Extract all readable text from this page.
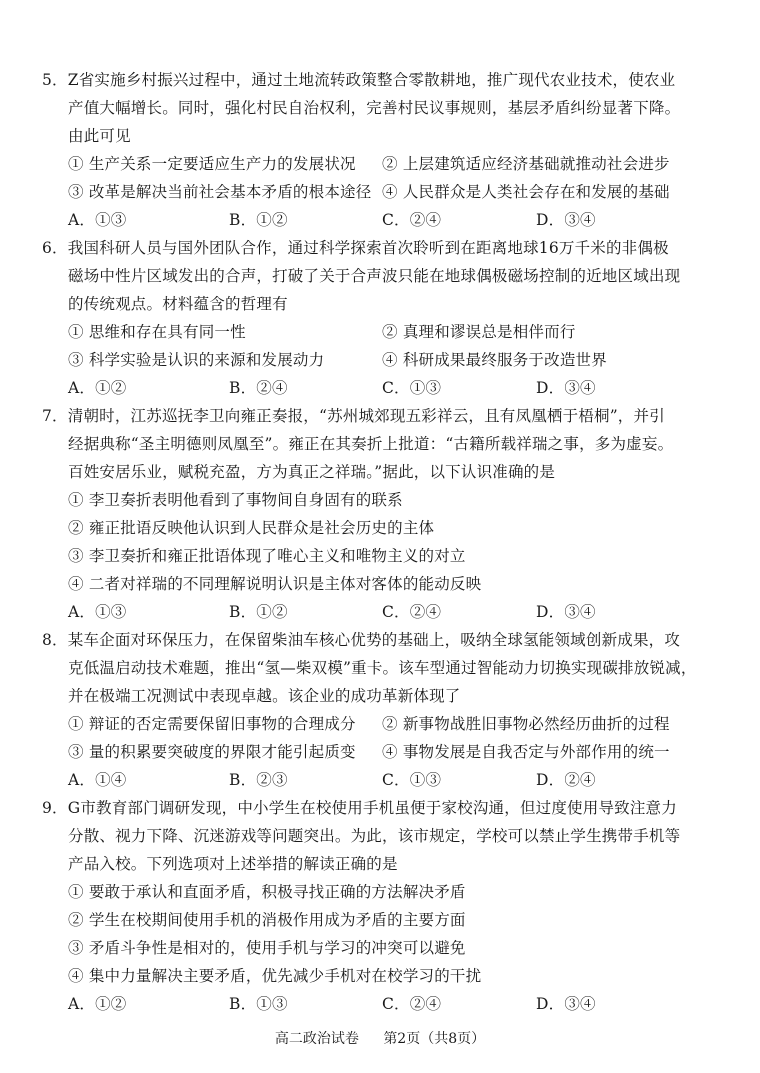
5．Z省实施乡村振兴过程中，通过土地流转政策整合零散耕地，推广现代农业技术，使农业
产值大幅增长。同时，强化村民自治权利，完善村民议事规则，基层矛盾纠纷显著下降。
由此可见
① 生产关系一定要适应生产力的发展状况 ② 上层建筑适应经济基础就推动社会进步
③ 改革是解决当前社会基本矛盾的根本途径 ④ 人民群众是人类社会存在和发展的基础
A．①③	B．①②	C．②④	D．③④
6．我国科研人员与国外团队合作，通过科学探索首次聆听到在距离地球16万千米的非偶极
磁场中性片区域发出的合声，打破了关于合声波只能在地球偶极磁场控制的近地区域出现
的传统观点。材料蕴含的哲理有
① 思维和存在具有同一性	② 真理和谬误总是相伴而行
③ 科学实验是认识的来源和发展动力	④ 科研成果最终服务于改造世界
A．①②	B．②④	C．①③	D．③④
7．清朝时，江苏巡抚李卫向雍正奏报，“苏州城郊现五彩祥云，且有凤凰栖于梧桐”，并引
经据典称“圣主明德则凤凰至”。雍正在其奏折上批道：“古籍所载祥瑞之事，多为虚妄。
百姓安居乐业，赋税充盈，方为真正之祥瑞。”据此，以下认识准确的是
① 李卫奏折表明他看到了事物间自身固有的联系
② 雍正批语反映他认识到人民群众是社会历史的主体
③ 李卫奏折和雍正批语体现了唯心主义和唯物主义的对立
④ 二者对祥瑞的不同理解说明认识是主体对客体的能动反映
A．①③	B．①②	C．②④	D．③④
8．某车企面对环保压力，在保留柴油车核心优势的基础上，吸纳全球氢能领域创新成果，攻
克低温启动技术难题，推出“氢—柴双模”重卡。该车型通过智能动力切换实现碳排放锐减，
并在极端工况测试中表现卓越。该企业的成功革新体现了
① 辩证的否定需要保留旧事物的合理成分 ② 新事物战胜旧事物必然经历曲折的过程
③ 量的积累要突破度的界限才能引起质变 ④ 事物发展是自我否定与外部作用的统一
A．①④	B．②③	C．①③	D．②④
9．G市教育部门调研发现，中小学生在校使用手机虽便于家校沟通，但过度使用导致注意力
分散、视力下降、沉迷游戏等问题突出。为此，该市规定，学校可以禁止学生携带手机等
产品入校。下列选项对上述举措的解读正确的是
① 要敢于承认和直面矛盾，积极寻找正确的方法解决矛盾
② 学生在校期间使用手机的消极作用成为矛盾的主要方面
③ 矛盾斗争性是相对的，使用手机与学习的冲突可以避免
④ 集中力量解决主要矛盾，优先减少手机对在校学习的干扰
A．①②	B．①③	C．②④	D．③④
高二政治试卷 第2页（共8页）
